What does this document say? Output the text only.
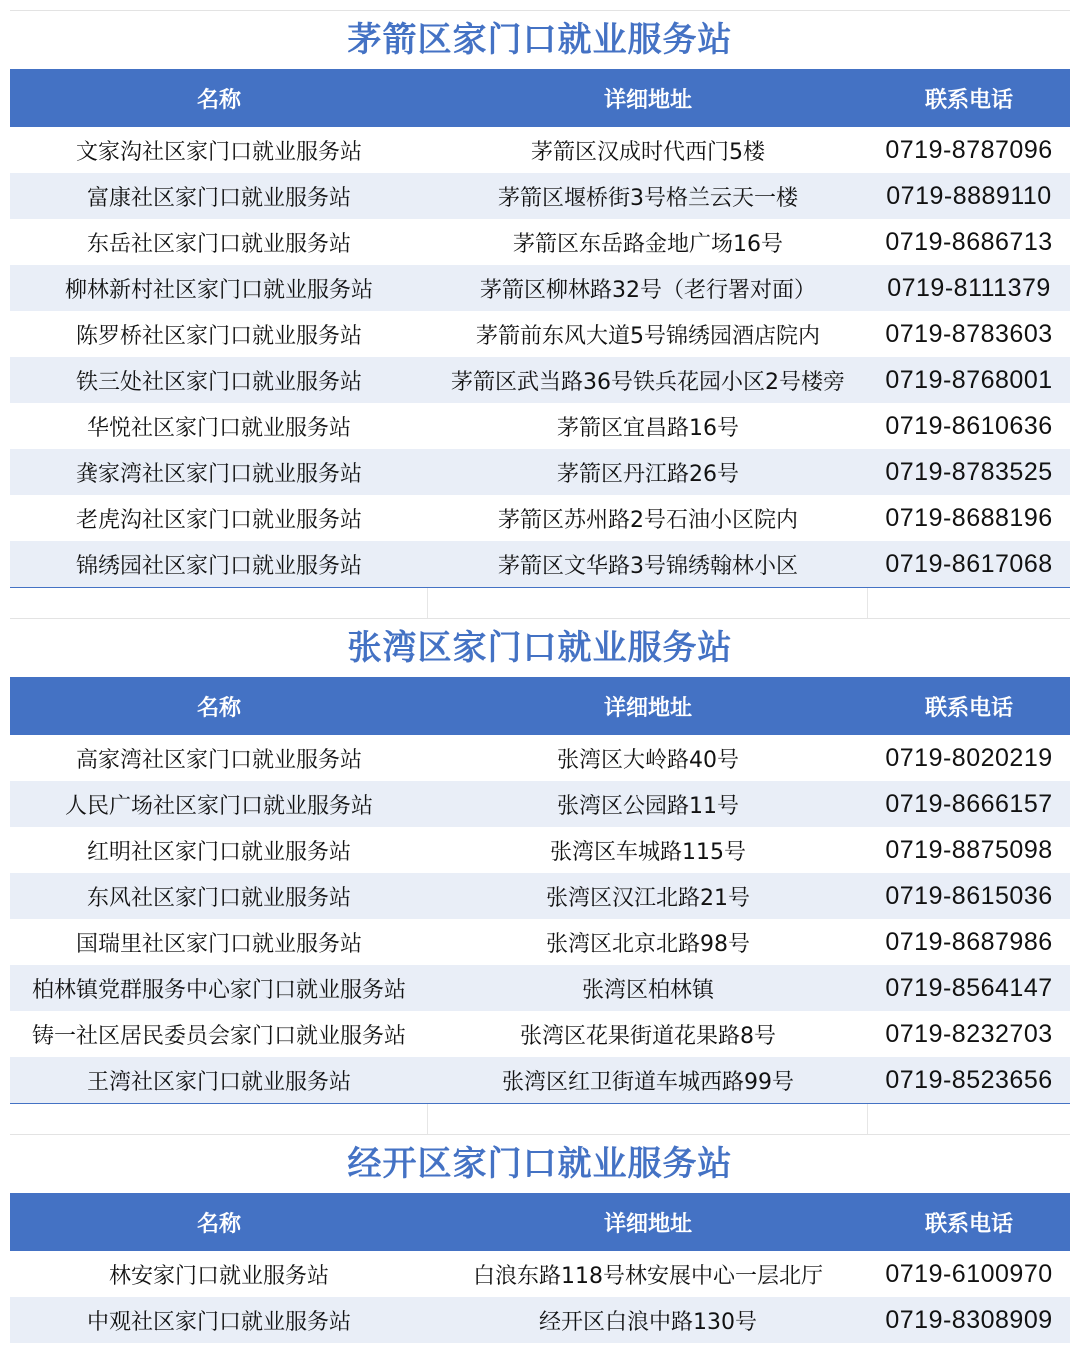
茅箭区家门口就业服务站
名称	详细地址	联系电话
文家沟社区家门口就业服务站	茅箭区汉成时代西门5楼	0719-8787096
富康社区家门口就业服务站	茅箭区堰桥街3号格兰云天一楼	0719-8889110
东岳社区家门口就业服务站	茅箭区东岳路金地广场16号	0719-8686713
柳林新村社区家门口就业服务站	茅箭区柳林路32号（老行署对面）	0719-8111379
陈罗桥社区家门口就业服务站	茅箭前东风大道5号锦绣园酒店院内	0719-8783603
铁三处社区家门口就业服务站	茅箭区武当路36号铁兵花园小区2号楼旁	0719-8768001
华悦社区家门口就业服务站	茅箭区宜昌路16号	0719-8610636
龚家湾社区家门口就业服务站	茅箭区丹江路26号	0719-8783525
老虎沟社区家门口就业服务站	茅箭区苏州路2号石油小区院内	0719-8688196
锦绣园社区家门口就业服务站	茅箭区文华路3号锦绣翰林小区	0719-8617068
张湾区家门口就业服务站
名称	详细地址	联系电话
高家湾社区家门口就业服务站	张湾区大岭路40号	0719-8020219
人民广场社区家门口就业服务站	张湾区公园路11号	0719-8666157
红明社区家门口就业服务站	张湾区车城路115号	0719-8875098
东风社区家门口就业服务站	张湾区汉江北路21号	0719-8615036
国瑞里社区家门口就业服务站	张湾区北京北路98号	0719-8687986
柏林镇党群服务中心家门口就业服务站	张湾区柏林镇	0719-8564147
铸一社区居民委员会家门口就业服务站	张湾区花果街道花果路8号	0719-8232703
王湾社区家门口就业服务站	张湾区红卫街道车城西路99号	0719-8523656
经开区家门口就业服务站
名称	详细地址	联系电话
林安家门口就业服务站	白浪东路118号林安展中心一层北厅	0719-6100970
中观社区家门口就业服务站	经开区白浪中路130号	0719-8308909
